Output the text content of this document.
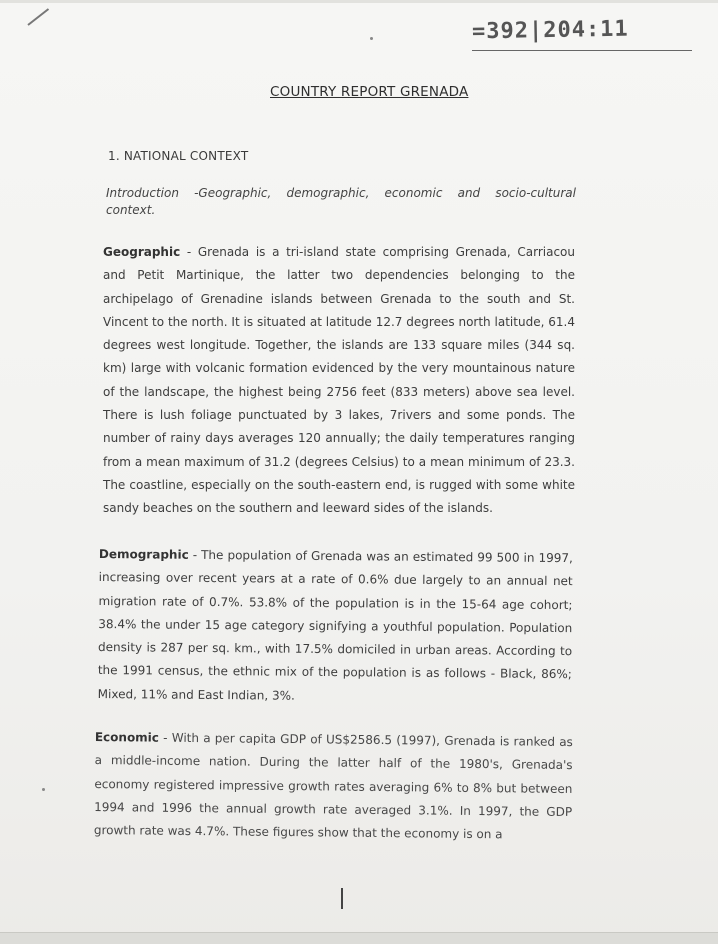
=392|204:11
COUNTRY REPORT GRENADA
1. NATIONAL CONTEXT
Introduction -Geographic, demographic, economic and socio-cultural context.
Geographic - Grenada is a tri-island state comprising Grenada, Carriacou and Petit Martinique, the latter two dependencies belonging to the archipelago of Grenadine islands between Grenada to the south and St. Vincent to the north. It is situated at latitude 12.7 degrees north latitude, 61.4 degrees west longitude. Together, the islands are 133 square miles (344 sq. km) large with volcanic formation evidenced by the very mountainous nature of the landscape, the highest being 2756 feet (833 meters) above sea level. There is lush foliage punctuated by 3 lakes, 7rivers and some ponds. The number of rainy days averages 120 annually; the daily temperatures ranging from a mean maximum of 31.2 (degrees Celsius) to a mean minimum of 23.3. The coastline, especially on the south-eastern end, is rugged with some white sandy beaches on the southern and leeward sides of the islands.
Demographic - The population of Grenada was an estimated 99 500 in 1997, increasing over recent years at a rate of 0.6% due largely to an annual net migration rate of 0.7%. 53.8% of the population is in the 15-64 age cohort; 38.4% the under 15 age category signifying a youthful population. Population density is 287 per sq. km., with 17.5% domiciled in urban areas. According to the 1991 census, the ethnic mix of the population is as follows - Black, 86%; Mixed, 11% and East Indian, 3%.
Economic - With a per capita GDP of US$2586.5 (1997), Grenada is ranked as a middle-income nation. During the latter half of the 1980's, Grenada's economy registered impressive growth rates averaging 6% to 8% but between 1994 and 1996 the annual growth rate averaged 3.1%. In 1997, the GDP growth rate was 4.7%. These figures show that the economy is on a
